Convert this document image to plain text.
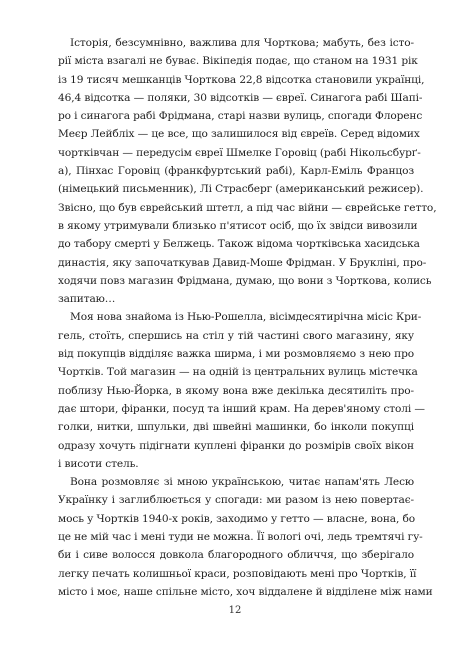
Історія, безсумнівно, важлива для Чорткова; мабуть, без істо-
рії міста взагалі не буває. Вікіпедія подає, що станом на 1931 рік
із 19 тисяч мешканців Чорткова 22,8 відсотка становили українці,
46,4 відсотка — поляки, 30 відсотків — євреї. Синагога рабі Шапі-
ро і синагога рабі Фрідмана, старі назви вулиць, спогади Флоренс
Меєр Лейбліх — це все, що залишилося від євреїв. Серед відомих
чортківчан — передусім євреї Шмелке Горовіц (рабі Нікольсбурґ-
а), Пінхас Горовіц (франкфуртський рабі), Карл-Еміль Францоз
(німецький письменник), Лі Страсберг (американський режисер).
Звісно, що був єврейський штетл, а під час війни — єврейське гетто,
в якому утримували близько п'ятисот осіб, що їх звідси вивозили
до табору смерті у Белжець. Також відома чортківська хасидська
династія, яку започаткував Давид-Моше Фрідман. У Брукліні, про-
ходячи повз магазин Фрідмана, думаю, що вони з Чорткова, колись
запитаю…
Моя нова знайома із Нью-Рошелла, вісімдесятирічна місіс Кри-
гель, стоїть, спершись на стіл у тій частині свого магазину, яку
від покупців відділяє важка ширма, і ми розмовляємо з нею про
Чортків. Той магазин — на одній із центральних вулиць містечка
поблизу Нью-Йорка, в якому вона вже декілька десятиліть про-
дає штори, фіранки, посуд та інший крам. На дерев'яному столі —
голки, нитки, шпульки, дві швейні машинки, бо інколи покупці
одразу хочуть підігнати куплені фіранки до розмірів своїх вікон
і висоти стель.
Вона розмовляє зі мною українською, читає напам'ять Лесю
Українку і заглиблюється у спогади: ми разом із нею повертає-
мось у Чортків 1940-х років, заходимо у гетто — власне, вона, бо
це не мій час і мені туди не можна. Її вологі очі, ледь тремтячі гу-
би і сиве волосся довкола благородного обличчя, що зберігало
легку печать колишньої краси, розповідають мені про Чортків, її
місто і моє, наше спільне місто, хоч віддалене й відділене між нами
12
